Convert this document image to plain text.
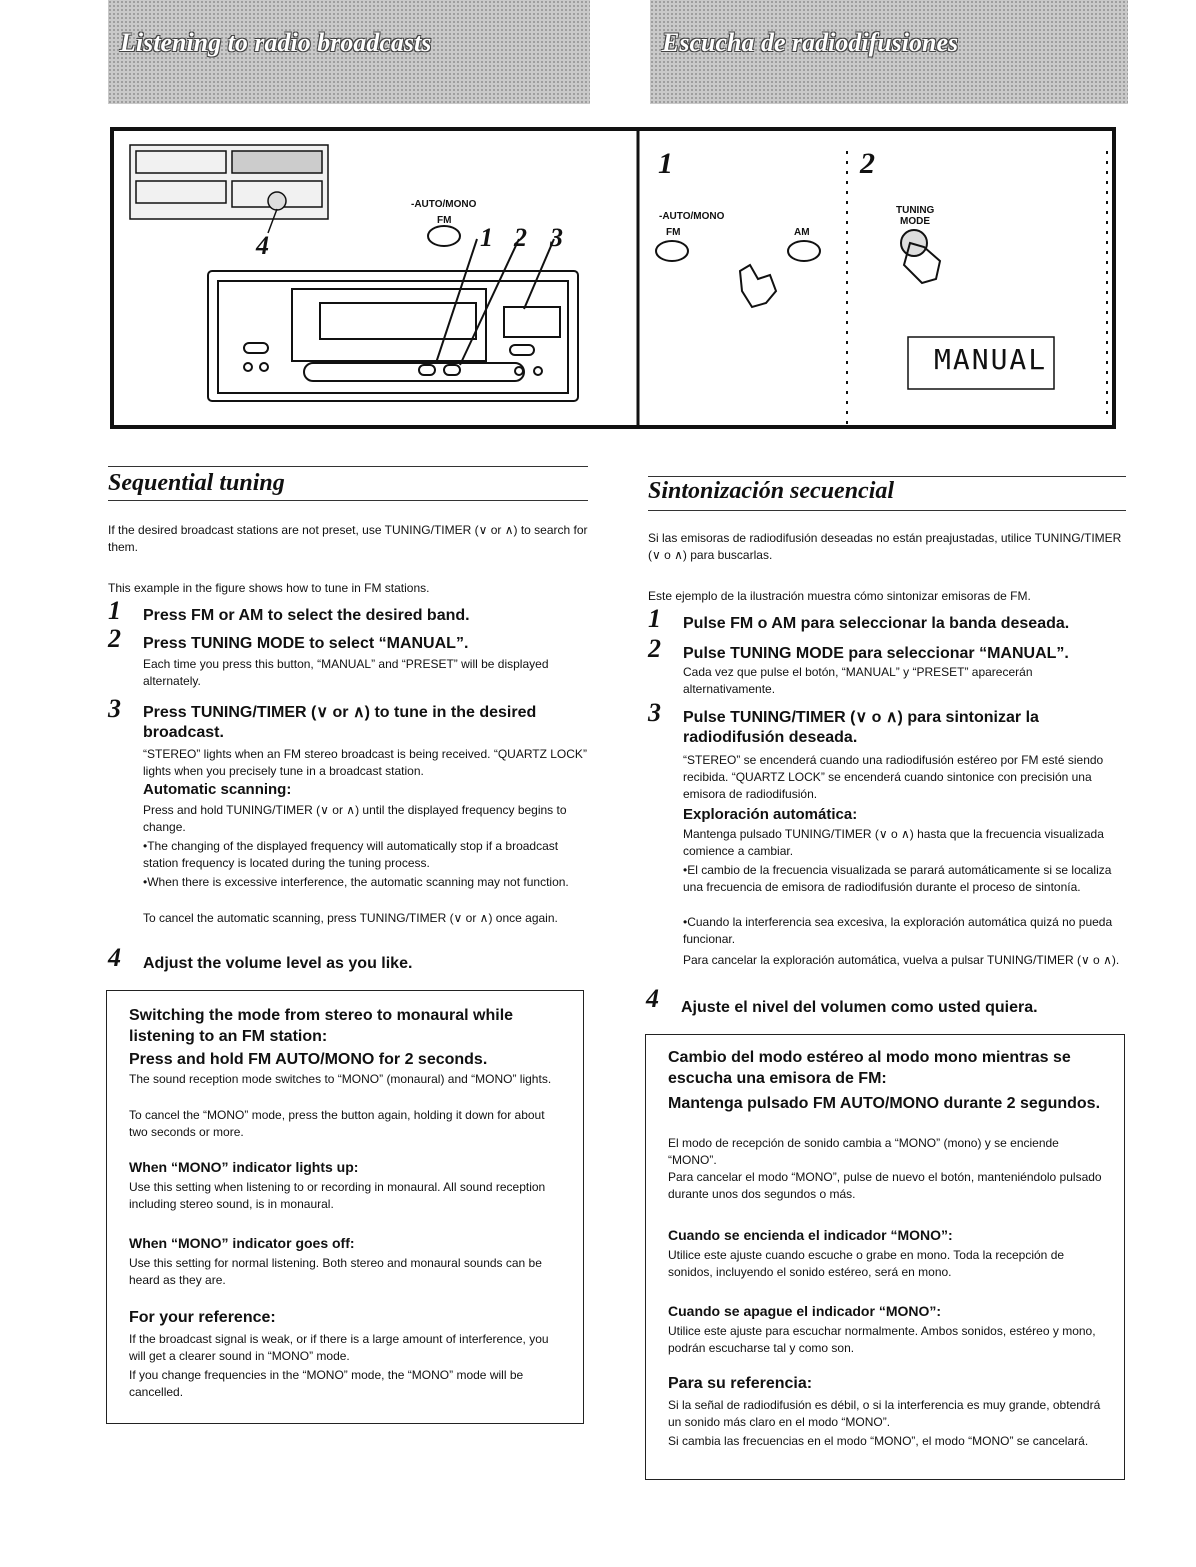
Listening to radio broadcasts	Escucha de radiodifusiones
-AUTO/MONO
FM
1 2 3
4
1	2
-AUTO/MONO
FM	AM
TUNING
MODE
MANUAL
Sequential tuning
If the desired broadcast stations are not preset, use TUNING/TIMER (∨ or ∧) to search for them.
This example in the figure shows how to tune in FM stations.
1 Press FM or AM to select the desired band.
2 Press TUNING MODE to select “MANUAL”.
Each time you press this button, “MANUAL” and “PRESET” will be displayed alternately.
3 Press TUNING/TIMER (∨ or ∧) to tune in the desired broadcast.
“STEREO” lights when an FM stereo broadcast is being received. “QUARTZ LOCK” lights when you precisely tune in a broadcast station.
Automatic scanning:
Press and hold TUNING/TIMER (∨ or ∧) until the displayed frequency begins to change.
•The changing of the displayed frequency will automatically stop if a broadcast station frequency is located during the tuning process.
•When there is excessive interference, the automatic scanning may not function.
To cancel the automatic scanning, press TUNING/TIMER (∨ or ∧) once again.
4 Adjust the volume level as you like.
Switching the mode from stereo to monaural while listening to an FM station:
Press and hold FM AUTO/MONO for 2 seconds.
The sound reception mode switches to “MONO” (monaural) and “MONO” lights.
To cancel the “MONO” mode, press the button again, holding it down for about two seconds or more.
When “MONO” indicator lights up:
Use this setting when listening to or recording in monaural. All sound reception including stereo sound, is in monaural.
When “MONO” indicator goes off:
Use this setting for normal listening. Both stereo and monaural sounds can be heard as they are.
For your reference:
If the broadcast signal is weak, or if there is a large amount of interference, you will get a clearer sound in “MONO” mode.
If you change frequencies in the “MONO” mode, the “MONO” mode will be cancelled.
Sintonización secuencial
Si las emisoras de radiodifusión deseadas no están preajustadas, utilice TUNING/TIMER (∨ o ∧) para buscarlas.
Este ejemplo de la ilustración muestra cómo sintonizar emisoras de FM.
1 Pulse FM o AM para seleccionar la banda deseada.
2 Pulse TUNING MODE para seleccionar “MANUAL”.
Cada vez que pulse el botón, “MANUAL” y “PRESET” aparecerán alternativamente.
3 Pulse TUNING/TIMER (∨ o ∧) para sintonizar la radiodifusión deseada.
“STEREO” se encenderá cuando una radiodifusión estéreo por FM esté siendo recibida. “QUARTZ LOCK” se encenderá cuando sintonice con precisión una emisora de radiodifusión.
Exploración automática:
Mantenga pulsado TUNING/TIMER (∨ o ∧) hasta que la frecuencia visualizada comience a cambiar.
•El cambio de la frecuencia visualizada se parará automáticamente si se localiza una frecuencia de emisora de radiodifusión durante el proceso de sintonía.
•Cuando la interferencia sea excesiva, la exploración automática quizá no pueda funcionar.
Para cancelar la exploración automática, vuelva a pulsar TUNING/TIMER (∨ o ∧).
4 Ajuste el nivel del volumen como usted quiera.
Cambio del modo estéreo al modo mono mientras se escucha una emisora de FM:
Mantenga pulsado FM AUTO/MONO durante 2 segundos.
El modo de recepción de sonido cambia a “MONO” (mono) y se enciende “MONO”.
Para cancelar el modo “MONO”, pulse de nuevo el botón, manteniéndolo pulsado durante unos dos segundos o más.
Cuando se encienda el indicador “MONO”:
Utilice este ajuste cuando escuche o grabe en mono. Toda la recepción de sonidos, incluyendo el sonido estéreo, será en mono.
Cuando se apague el indicador “MONO”:
Utilice este ajuste para escuchar normalmente. Ambos sonidos, estéreo y mono, podrán escucharse tal y como son.
Para su referencia:
Si la señal de radiodifusión es débil, o si la interferencia es muy grande, obtendrá un sonido más claro en el modo “MONO”.
Si cambia las frecuencias en el modo “MONO”, el modo “MONO” se cancelará.
